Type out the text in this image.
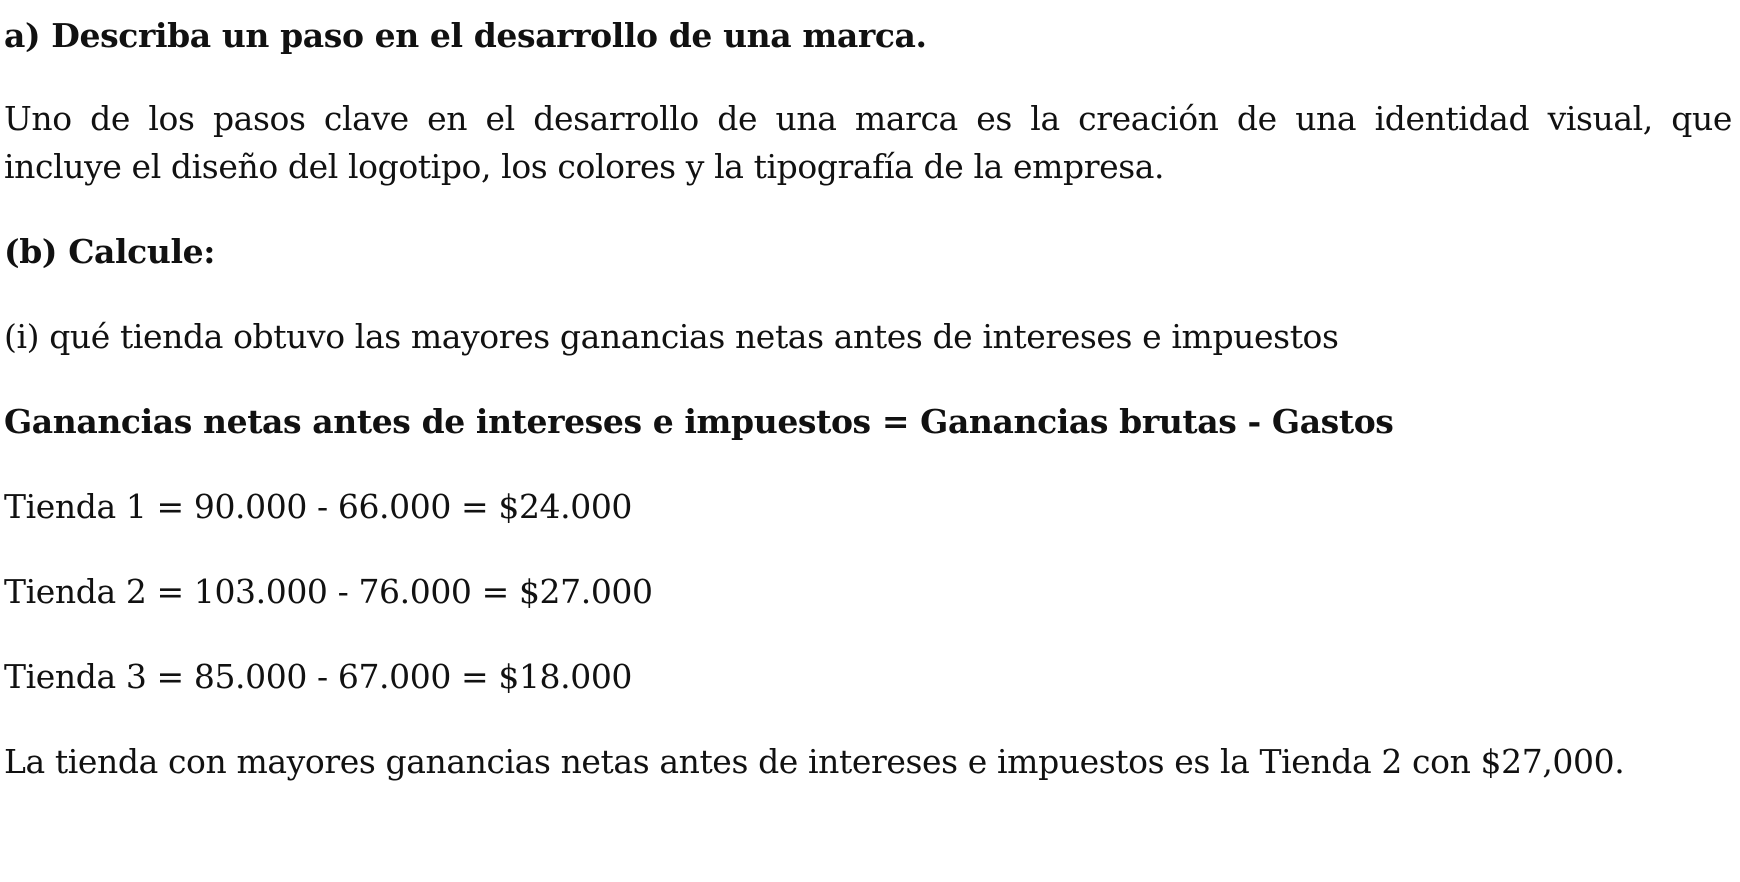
a) Describa un paso en el desarrollo de una marca.
Uno de los pasos clave en el desarrollo de una marca es la creación de una identidad visual, que
incluye el diseño del logotipo, los colores y la tipografía de la empresa.
(b) Calcule:
(i) qué tienda obtuvo las mayores ganancias netas antes de intereses e impuestos
Ganancias netas antes de intereses e impuestos = Ganancias brutas - Gastos
Tienda 1 = 90.000 - 66.000 = $24.000
Tienda 2 = 103.000 - 76.000 = $27.000
Tienda 3 = 85.000 - 67.000 = $18.000
La tienda con mayores ganancias netas antes de intereses e impuestos es la Tienda 2 con $27,000.
